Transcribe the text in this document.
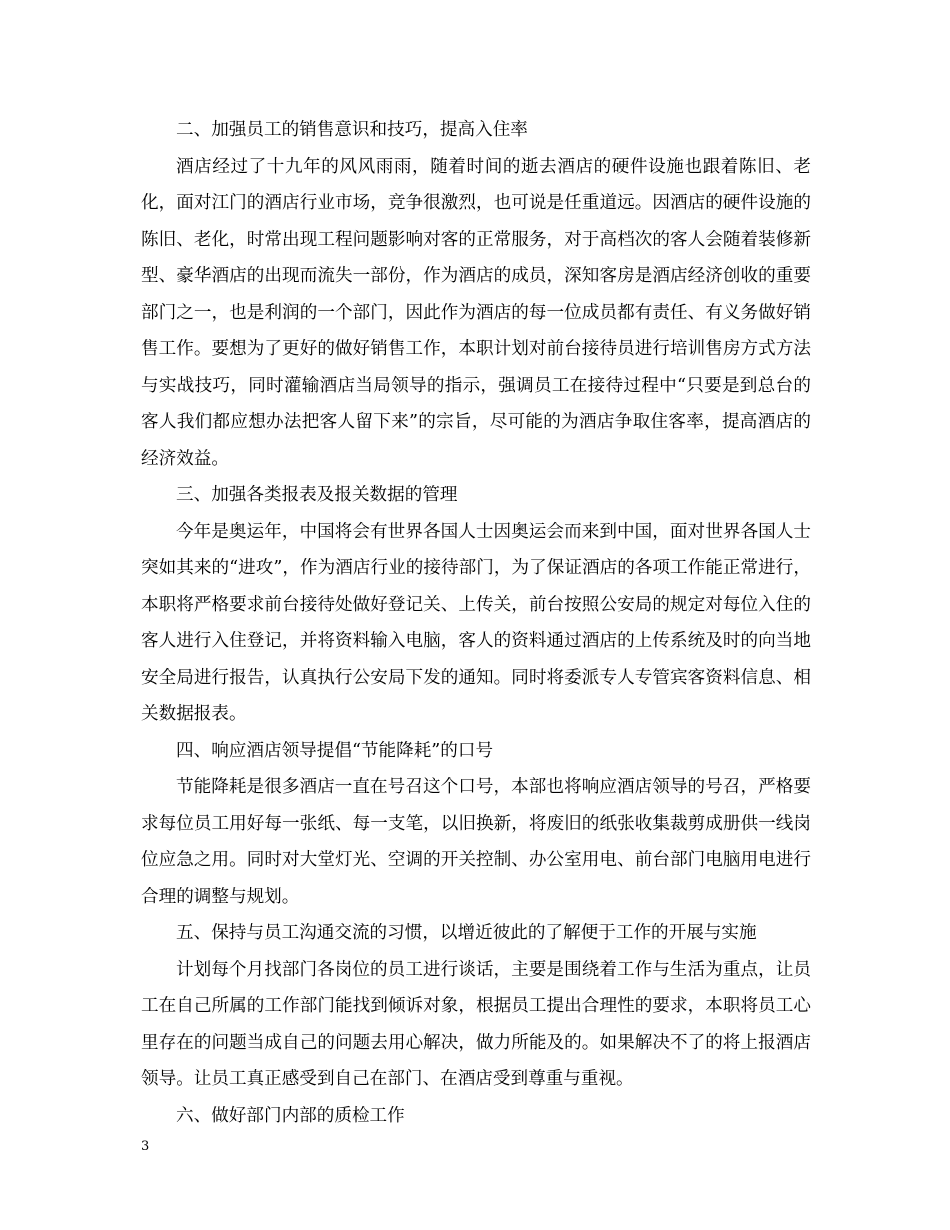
二、加强员工的销售意识和技巧，提高入住率

酒店经过了十九年的风风雨雨，随着时间的逝去酒店的硬件设施也跟着陈旧、老化，面对江门的酒店行业市场，竞争很激烈，也可说是任重道远。因酒店的硬件设施的陈旧、老化，时常出现工程问题影响对客的正常服务，对于高档次的客人会随着装修新型、豪华酒店的出现而流失一部份，作为酒店的成员，深知客房是酒店经济创收的重要部门之一，也是利润的一个部门，因此作为酒店的每一位成员都有责任、有义务做好销售工作。要想为了更好的做好销售工作，本职计划对前台接待员进行培训售房方式方法与实战技巧，同时灌输酒店当局领导的指示，强调员工在接待过程中“只要是到总台的客人我们都应想办法把客人留下来”的宗旨，尽可能的为酒店争取住客率，提高酒店的经济效益。

三、加强各类报表及报关数据的管理

今年是奥运年，中国将会有世界各国人士因奥运会而来到中国，面对世界各国人士突如其来的“进攻”，作为酒店行业的接待部门，为了保证酒店的各项工作能正常进行，本职将严格要求前台接待处做好登记关、上传关，前台按照公安局的规定对每位入住的客人进行入住登记，并将资料输入电脑，客人的资料通过酒店的上传系统及时的向当地安全局进行报告，认真执行公安局下发的通知。同时将委派专人专管宾客资料信息、相关数据报表。

四、响应酒店领导提倡“节能降耗”的口号

节能降耗是很多酒店一直在号召这个口号，本部也将响应酒店领导的号召，严格要求每位员工用好每一张纸、每一支笔，以旧换新，将废旧的纸张收集裁剪成册供一线岗位应急之用。同时对大堂灯光、空调的开关控制、办公室用电、前台部门电脑用电进行合理的调整与规划。

五、保持与员工沟通交流的习惯，以增近彼此的了解便于工作的开展与实施

计划每个月找部门各岗位的员工进行谈话，主要是围绕着工作与生活为重点，让员工在自己所属的工作部门能找到倾诉对象，根据员工提出合理性的要求，本职将员工心里存在的问题当成自己的问题去用心解决，做力所能及的。如果解决不了的将上报酒店领导。让员工真正感受到自己在部门、在酒店受到尊重与重视。

六、做好部门内部的质检工作

3
